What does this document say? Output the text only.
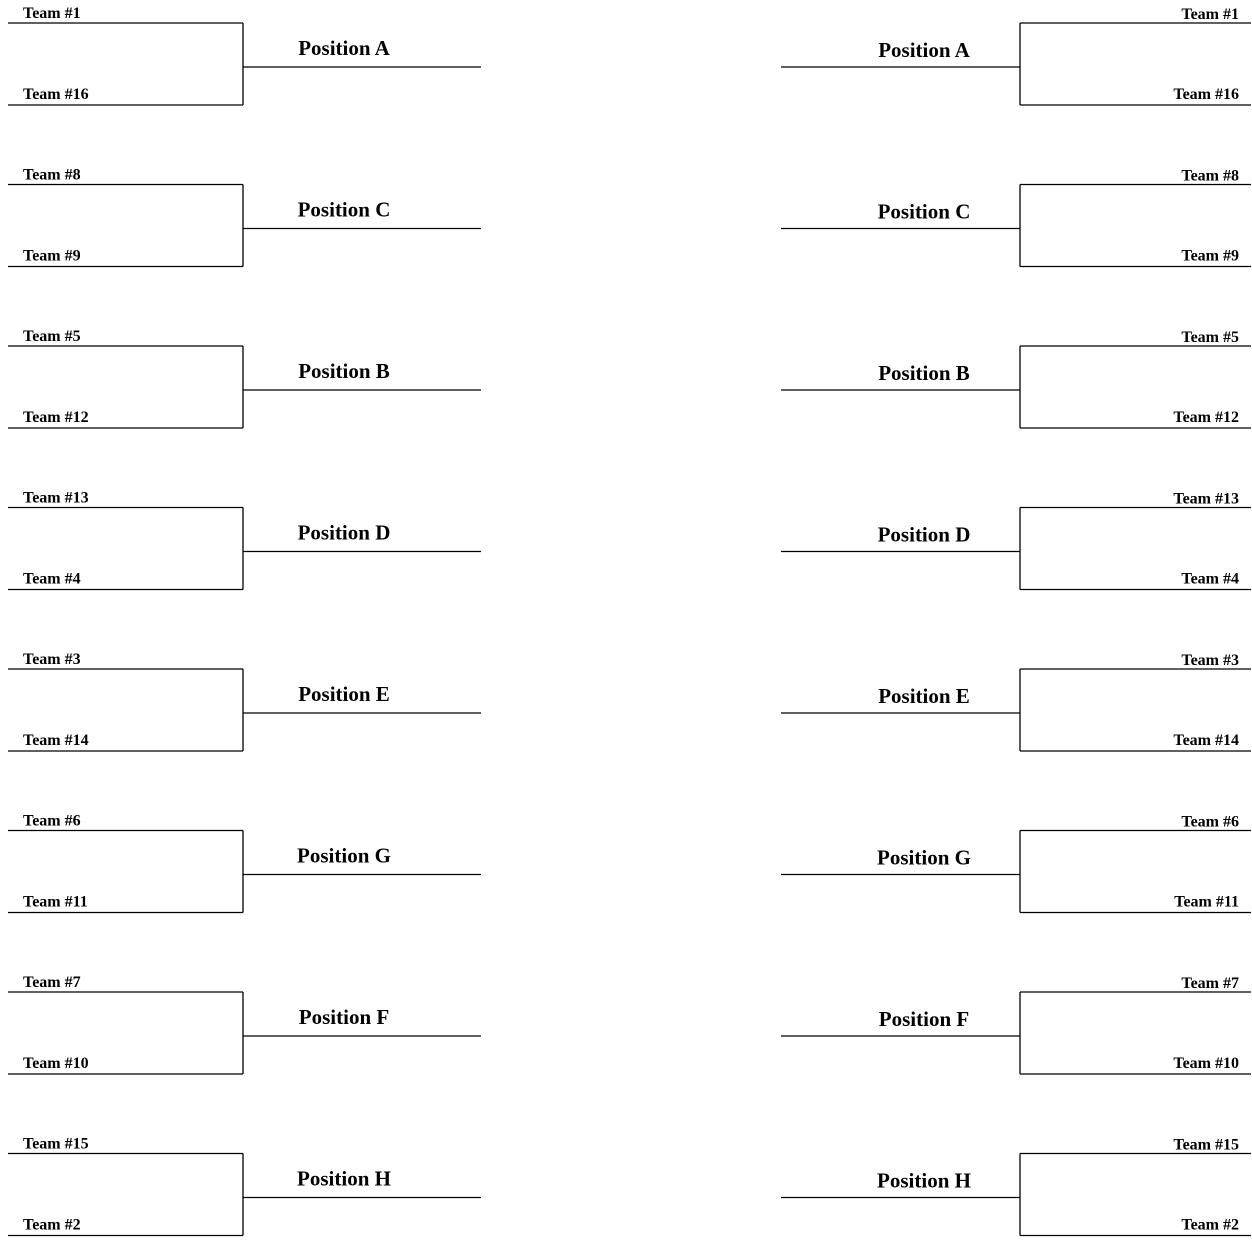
Team #1
Team #16
Position A
Team #8
Team #9
Position C
Team #5
Team #12
Position B
Team #13
Team #4
Position D
Team #3
Team #14
Position E
Team #6
Team #11
Position G
Team #7
Team #10
Position F
Team #15
Team #2
Position H
Team #1
Team #16
Position A
Team #8
Team #9
Position C
Team #5
Team #12
Position B
Team #13
Team #4
Position D
Team #3
Team #14
Position E
Team #6
Team #11
Position G
Team #7
Team #10
Position F
Team #15
Team #2
Position H
